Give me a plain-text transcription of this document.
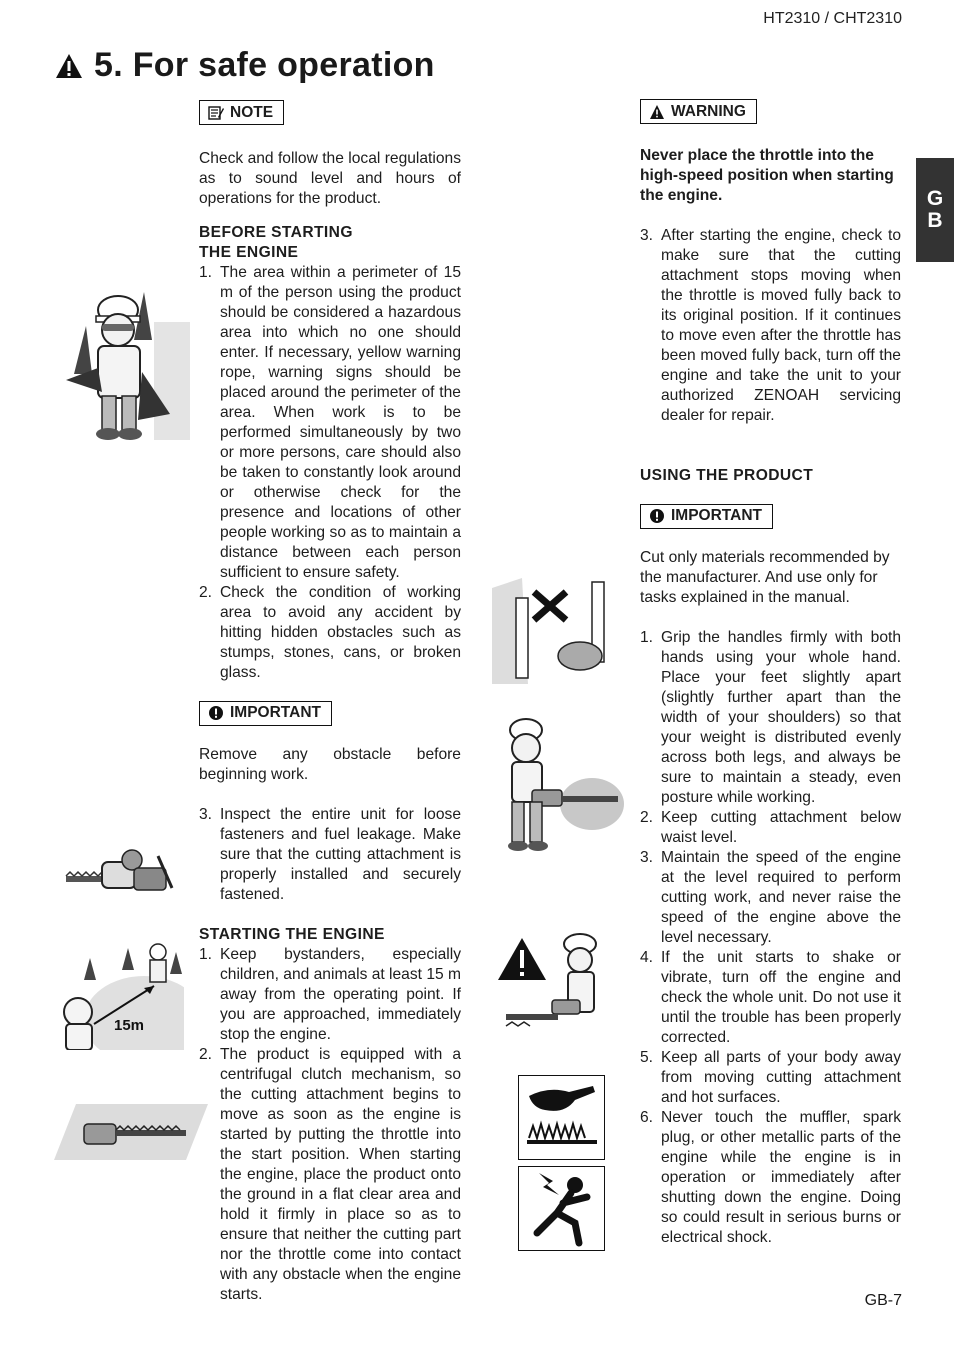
HT2310 / CHT2310
5. For safe operation
G
B
NOTE

Check and follow the local regulations as to sound level and hours of operations for the product.

BEFORE STARTING
THE ENGINE
1. The area within a perimeter of 15 m of the person using the product should be considered a hazardous area into which no one should enter. If necessary, yellow warning rope, warning signs should be placed around the perimeter of the area. When work is to be performed simultaneously by two or more persons, care should also be taken to constantly look around or otherwise check for the presence and locations of other people working so as to maintain a distance between each person sufficient to ensure safety.
2. Check the condition of working area to avoid any accident by hitting hidden obstacles such as stumps, stones, cans, or broken glass.
IMPORTANT

Remove any obstacle before beginning work.

3. Inspect the entire unit for loose fasteners and fuel leakage. Make sure that the cutting attachment is properly installed and securely fastened.
STARTING THE ENGINE
1. Keep bystanders, especially children, and animals at least 15 m away from the operating point. If you are approached, immediately stop the engine.
2. The product is equipped with a centrifugal clutch mechanism, so the cutting attachment begins to move as soon as the engine is started by putting the throttle into the start position. When starting the engine, place the product onto the ground in a flat clear area and hold it firmly in place so as to ensure that neither the cutting part nor the throttle come into contact with any obstacle when the engine starts.
WARNING

Never place the throttle into the high-speed position when starting the engine.

3. After starting the engine, check to make sure that the cutting attachment stops moving when the throttle is moved fully back to its original position. If it continues to move even after the throttle has been moved fully back, turn off the engine and take the unit to your authorized ZENOAH servicing dealer for repair.
USING THE PRODUCT
IMPORTANT

Cut only materials recommended by the manufacturer. And use only for tasks explained in the manual.

1. Grip the handles firmly with both hands using your whole hand. Place your feet slightly apart (slightly further apart than the width of your shoulders) so that your weight is distributed evenly across both legs, and always be sure to maintain a steady, even posture while working.
2. Keep cutting attachment below waist level.
3. Maintain the speed of the engine at the level required to perform cutting work, and never raise the speed of the engine above the level necessary.
4. If the unit starts to shake or vibrate, turn off the engine and check the whole unit. Do not use it until the trouble has been properly corrected.
5. Keep all parts of your body away from moving cutting attachment and hot surfaces.
6. Never touch the muffler, spark plug, or other metallic parts of the engine while the engine is in operation or immediately after shutting down the engine. Doing so could result in serious burns or electrical shock.
GB-7
15m
